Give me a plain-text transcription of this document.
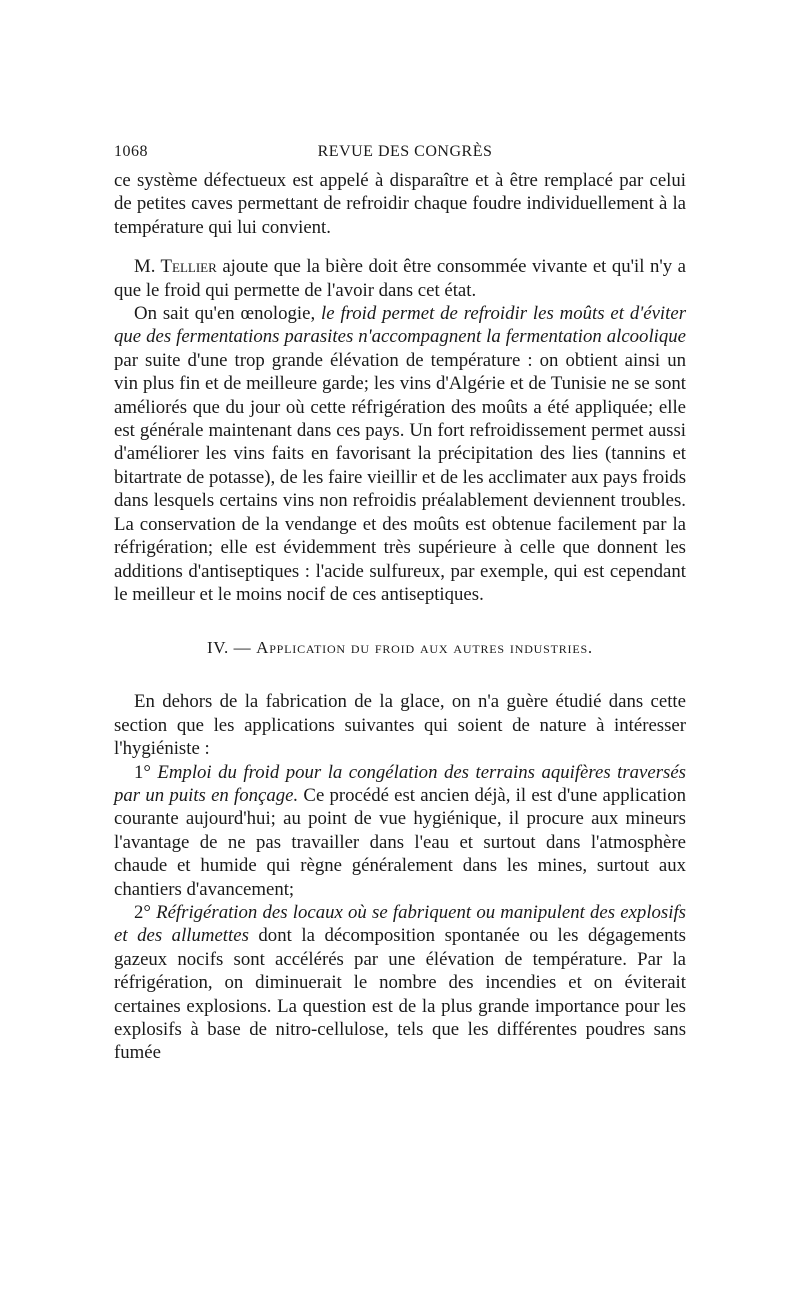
1068	REVUE DES CONGRÈS

ce système défectueux est appelé à disparaître et à être remplacé par celui de petites caves permettant de refroidir chaque foudre individuellement à la température qui lui convient.

M. Tellier ajoute que la bière doit être consommée vivante et qu'il n'y a que le froid qui permette de l'avoir dans cet état.

On sait qu'en œnologie, le froid permet de refroidir les moûts et d'éviter que des fermentations parasites n'accompagnent la fermentation alcoolique par suite d'une trop grande élévation de température : on obtient ainsi un vin plus fin et de meilleure garde; les vins d'Algérie et de Tunisie ne se sont améliorés que du jour où cette réfrigération des moûts a été appliquée; elle est générale maintenant dans ces pays. Un fort refroidissement permet aussi d'améliorer les vins faits en favorisant la précipitation des lies (tannins et bitartrate de potasse), de les faire vieillir et de les acclimater aux pays froids dans lesquels certains vins non refroidis préalablement deviennent troubles. La conservation de la vendange et des moûts est obtenue facilement par la réfrigération; elle est évidemment très supérieure à celle que donnent les additions d'antiseptiques : l'acide sulfureux, par exemple, qui est cependant le meilleur et le moins nocif de ces antiseptiques.

IV. — Application du froid aux autres industries.

En dehors de la fabrication de la glace, on n'a guère étudié dans cette section que les applications suivantes qui soient de nature à intéresser l'hygiéniste :

1° Emploi du froid pour la congélation des terrains aquifères traversés par un puits en fonçage. Ce procédé est ancien déjà, il est d'une application courante aujourd'hui; au point de vue hygiénique, il procure aux mineurs l'avantage de ne pas travailler dans l'eau et surtout dans l'atmosphère chaude et humide qui règne généralement dans les mines, surtout aux chantiers d'avancement;

2° Réfrigération des locaux où se fabriquent ou manipulent des explosifs et des allumettes dont la décomposition spontanée ou les dégagements gazeux nocifs sont accélérés par une élévation de température. Par la réfrigération, on diminuerait le nombre des incendies et on éviterait certaines explosions. La question est de la plus grande importance pour les explosifs à base de nitro-cellulose, tels que les différentes poudres sans fumée
